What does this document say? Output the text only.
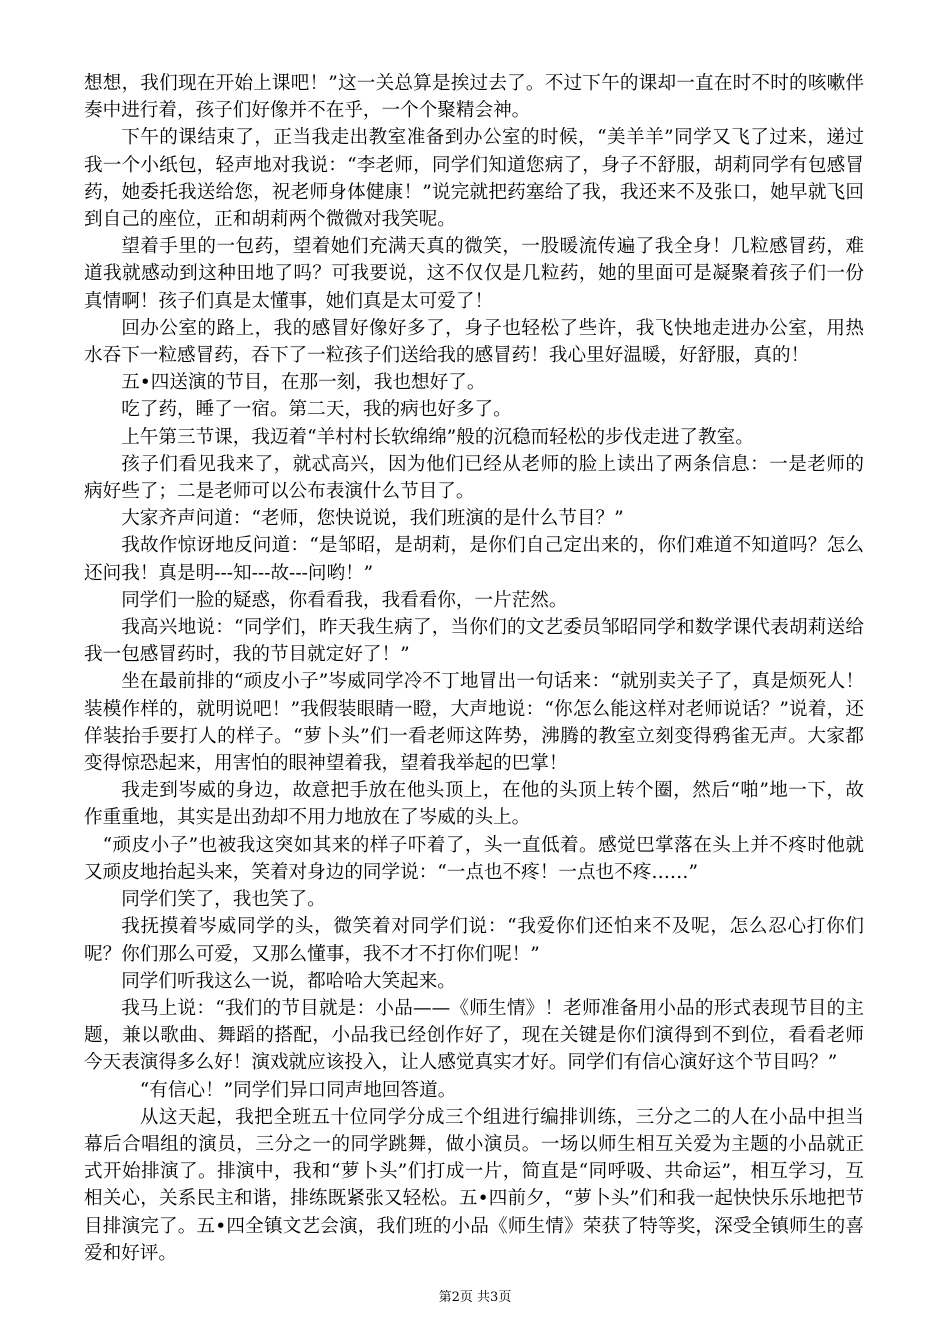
想想，我们现在开始上课吧！”这一关总算是挨过去了。不过下午的课却一直在时不时的咳嗽伴奏中进行着，孩子们好像并不在乎，一个个聚精会神。

下午的课结束了，正当我走出教室准备到办公室的时候，“美羊羊”同学又飞了过来，递过我一个小纸包，轻声地对我说：“李老师，同学们知道您病了，身子不舒服，胡莉同学有包感冒药，她委托我送给您，祝老师身体健康！”说完就把药塞给了我，我还来不及张口，她早就飞回到自己的座位，正和胡莉两个微微对我笑呢。

望着手里的一包药，望着她们充满天真的微笑，一股暖流传遍了我全身！几粒感冒药，难道我就感动到这种田地了吗？可我要说，这不仅仅是几粒药，她的里面可是凝聚着孩子们一份真情啊！孩子们真是太懂事，她们真是太可爱了！

回办公室的路上，我的感冒好像好多了，身子也轻松了些许，我飞快地走进办公室，用热水吞下一粒感冒药，吞下了一粒孩子们送给我的感冒药！我心里好温暖，好舒服，真的！

五•四送演的节目，在那一刻，我也想好了。

吃了药，睡了一宿。第二天，我的病也好多了。

上午第三节课，我迈着“羊村村长软绵绵”般的沉稳而轻松的步伐走进了教室。

孩子们看见我来了，就忒高兴，因为他们已经从老师的脸上读出了两条信息：一是老师的病好些了；二是老师可以公布表演什么节目了。

大家齐声问道：“老师，您快说说，我们班演的是什么节目？”

我故作惊讶地反问道：“是邹昭，是胡莉，是你们自己定出来的，你们难道不知道吗？怎么还问我！真是明---知---故---问哟！”

同学们一脸的疑惑，你看看我，我看看你，一片茫然。

我高兴地说：“同学们，昨天我生病了，当你们的文艺委员邹昭同学和数学课代表胡莉送给我一包感冒药时，我的节目就定好了！”

坐在最前排的“顽皮小子”岑威同学冷不丁地冒出一句话来：“就别卖关子了，真是烦死人！装模作样的，就明说吧！”我假装眼睛一瞪，大声地说：“你怎么能这样对老师说话？”说着，还佯装抬手要打人的样子。“萝卜头”们一看老师这阵势，沸腾的教室立刻变得鸦雀无声。大家都变得惊恐起来，用害怕的眼神望着我，望着我举起的巴掌！

我走到岑威的身边，故意把手放在他头顶上，在他的头顶上转个圈，然后“啪”地一下，故作重重地，其实是出劲却不用力地放在了岑威的头上。

“顽皮小子”也被我这突如其来的样子吓着了，头一直低着。感觉巴掌落在头上并不疼时他就又顽皮地抬起头来，笑着对身边的同学说：“一点也不疼！一点也不疼……”

同学们笑了，我也笑了。

我抚摸着岑威同学的头，微笑着对同学们说：“我爱你们还怕来不及呢，怎么忍心打你们呢？你们那么可爱，又那么懂事，我不才不打你们呢！”

同学们听我这么一说，都哈哈大笑起来。

我马上说：“我们的节目就是：小品——《师生情》！老师准备用小品的形式表现节目的主题，兼以歌曲、舞蹈的搭配，小品我已经创作好了，现在关键是你们演得到不到位，看看老师今天表演得多么好！演戏就应该投入，让人感觉真实才好。同学们有信心演好这个节目吗？”

“有信心！”同学们异口同声地回答道。

从这天起，我把全班五十位同学分成三个组进行编排训练，三分之二的人在小品中担当幕后合唱组的演员，三分之一的同学跳舞，做小演员。一场以师生相互关爱为主题的小品就正式开始排演了。排演中，我和“萝卜头”们打成一片，简直是“同呼吸、共命运”，相互学习，互相关心，关系民主和谐，排练既紧张又轻松。五•四前夕，“萝卜头”们和我一起快快乐乐地把节目排演完了。五•四全镇文艺会演，我们班的小品《师生情》荣获了特等奖，深受全镇师生的喜爱和好评。

第2页 共3页
